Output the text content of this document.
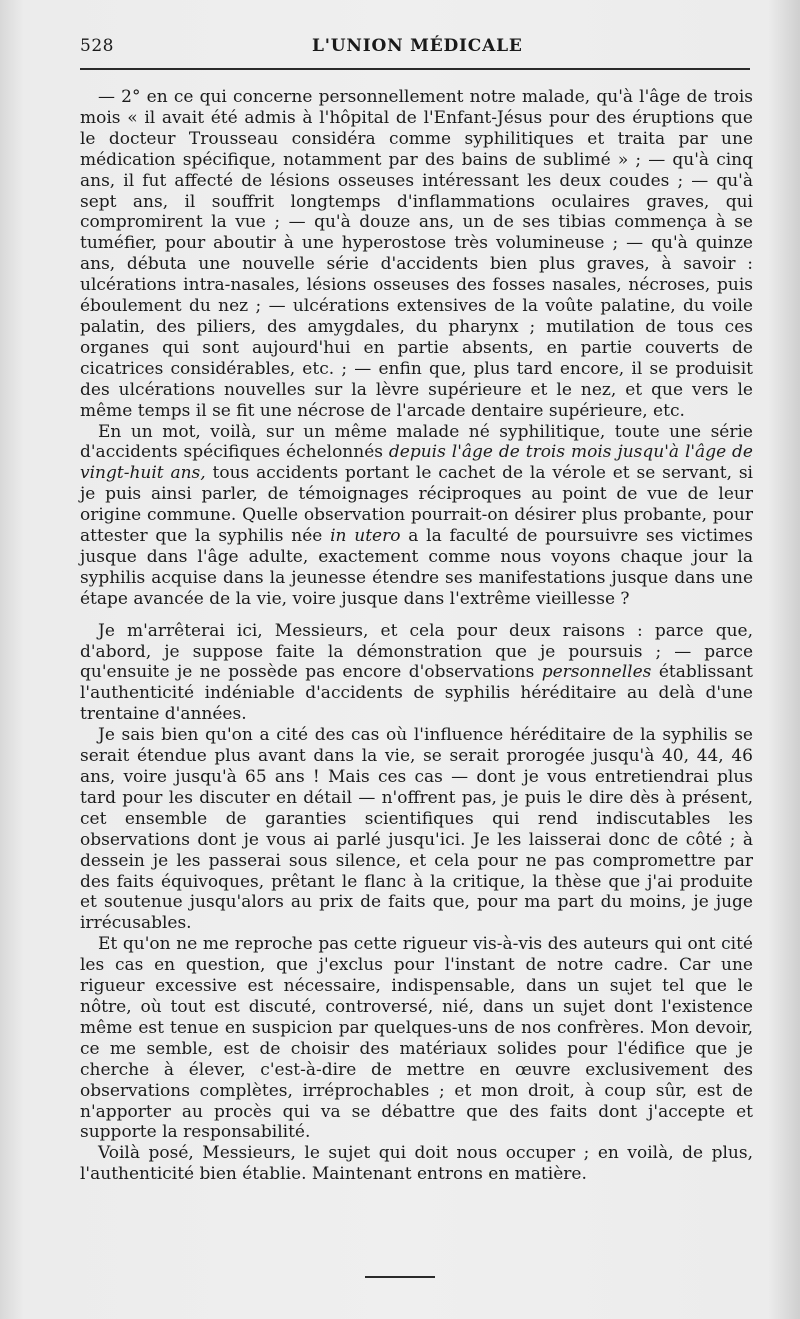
528	L'UNION MÉDICALE

— 2° en ce qui concerne personnellement notre malade, qu'à l'âge de trois mois « il avait été admis à l'hôpital de l'Enfant-Jésus pour des éruptions que le docteur Trousseau considéra comme syphilitiques et traita par une médication spécifique, notamment par des bains de sublimé » ; — qu'à cinq ans, il fut affecté de lésions osseuses intéressant les deux coudes ; — qu'à sept ans, il souffrit longtemps d'inflammations oculaires graves, qui compromirent la vue ; — qu'à douze ans, un de ses tibias commença à se tuméfier, pour aboutir à une hyperostose très volumineuse ; — qu'à quinze ans, débuta une nouvelle série d'accidents bien plus graves, à savoir : ulcérations intra-nasales, lésions osseuses des fosses nasales, nécroses, puis éboulement du nez ; — ulcérations extensives de la voûte palatine, du voile palatin, des piliers, des amygdales, du pharynx ; mutilation de tous ces organes qui sont aujourd'hui en partie absents, en partie couverts de cicatrices considérables, etc. ; — enfin que, plus tard encore, il se produisit des ulcérations nouvelles sur la lèvre supérieure et le nez, et que vers le même temps il se fit une nécrose de l'arcade dentaire supérieure, etc.

En un mot, voilà, sur un même malade né syphilitique, toute une série d'accidents spécifiques échelonnés depuis l'âge de trois mois jusqu'à l'âge de vingt-huit ans, tous accidents portant le cachet de la vérole et se servant, si je puis ainsi parler, de témoignages réciproques au point de vue de leur origine commune. Quelle observation pourrait-on désirer plus probante, pour attester que la syphilis née in utero a la faculté de poursuivre ses victimes jusque dans l'âge adulte, exactement comme nous voyons chaque jour la syphilis acquise dans la jeunesse étendre ses manifestations jusque dans une étape avancée de la vie, voire jusque dans l'extrême vieillesse ?

Je m'arrêterai ici, Messieurs, et cela pour deux raisons : parce que, d'abord, je suppose faite la démonstration que je poursuis ; — parce qu'ensuite je ne possède pas encore d'observations personnelles établissant l'authenticité indéniable d'accidents de syphilis héréditaire au delà d'une trentaine d'années.

Je sais bien qu'on a cité des cas où l'influence héréditaire de la syphilis se serait étendue plus avant dans la vie, se serait prorogée jusqu'à 40, 44, 46 ans, voire jusqu'à 65 ans ! Mais ces cas — dont je vous entretiendrai plus tard pour les discuter en détail — n'offrent pas, je puis le dire dès à présent, cet ensemble de garanties scientifiques qui rend indiscutables les observations dont je vous ai parlé jusqu'ici. Je les laisserai donc de côté ; à dessein je les passerai sous silence, et cela pour ne pas compromettre par des faits équivoques, prêtant le flanc à la critique, la thèse que j'ai produite et soutenue jusqu'alors au prix de faits que, pour ma part du moins, je juge irrécusables.

Et qu'on ne me reproche pas cette rigueur vis-à-vis des auteurs qui ont cité les cas en question, que j'exclus pour l'instant de notre cadre. Car une rigueur excessive est nécessaire, indispensable, dans un sujet tel que le nôtre, où tout est discuté, controversé, nié, dans un sujet dont l'existence même est tenue en suspicion par quelques-uns de nos confrères. Mon devoir, ce me semble, est de choisir des matériaux solides pour l'édifice que je cherche à élever, c'est-à-dire de mettre en œuvre exclusivement des observations complètes, irréprochables ; et mon droit, à coup sûr, est de n'apporter au procès qui va se débattre que des faits dont j'accepte et supporte la responsabilité.

Voilà posé, Messieurs, le sujet qui doit nous occuper ; en voilà, de plus, l'authenticité bien établie. Maintenant entrons en matière.
